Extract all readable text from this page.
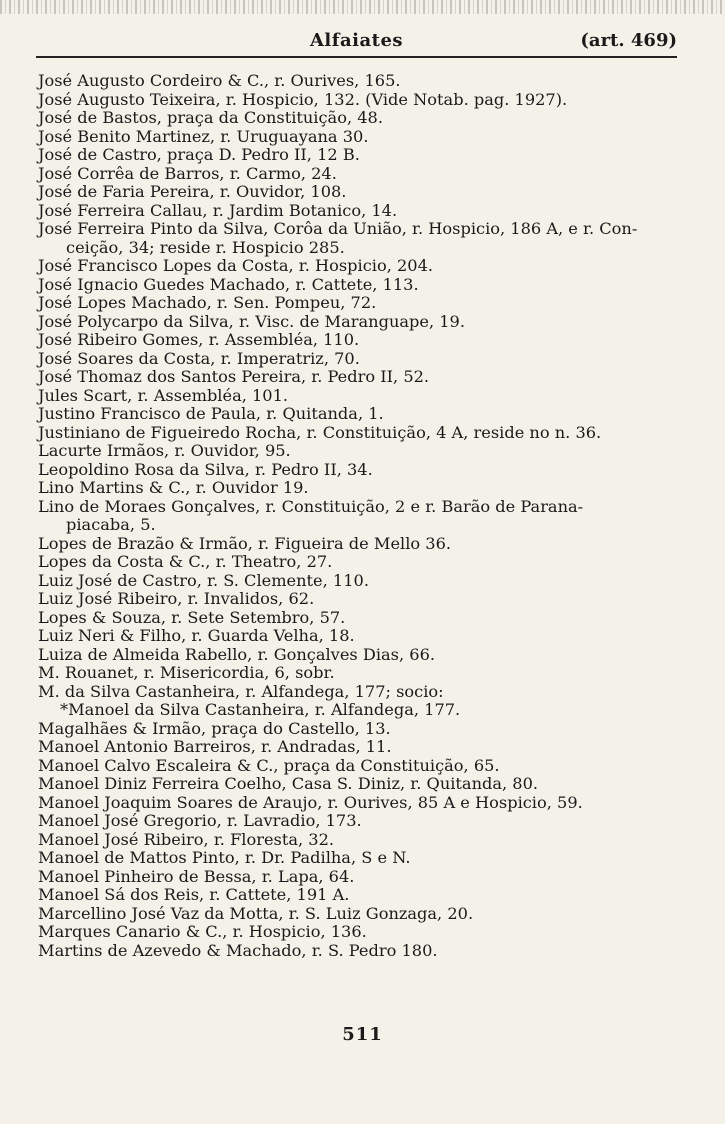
Alfaiates	(art. 469)
José Augusto Cordeiro & C., r. Ourives, 165.
José Augusto Teixeira, r. Hospicio, 132. (Vide Notab. pag. 1927).
José de Bastos, praça da Constituição, 48.
José Benito Martinez, r. Uruguayana 30.
José de Castro, praça D. Pedro II, 12 B.
José Corrêa de Barros, r. Carmo, 24.
José de Faria Pereira, r. Ouvidor, 108.
José Ferreira Callau, r. Jardim Botanico, 14.
José Ferreira Pinto da Silva, Corôa da União, r. Hospicio, 186 A, e r. Con-
ceição, 34; reside r. Hospicio 285.
José Francisco Lopes da Costa, r. Hospicio, 204.
José Ignacio Guedes Machado, r. Cattete, 113.
José Lopes Machado, r. Sen. Pompeu, 72.
José Polycarpo da Silva, r. Visc. de Maranguape, 19.
José Ribeiro Gomes, r. Assembléa, 110.
José Soares da Costa, r. Imperatriz, 70.
José Thomaz dos Santos Pereira, r. Pedro II, 52.
Jules Scart, r. Assembléa, 101.
Justino Francisco de Paula, r. Quitanda, 1.
Justiniano de Figueiredo Rocha, r. Constituição, 4 A, reside no n. 36.
Lacurte Irmãos, r. Ouvidor, 95.
Leopoldino Rosa da Silva, r. Pedro II, 34.
Lino Martins & C., r. Ouvidor 19.
Lino de Moraes Gonçalves, r. Constituição, 2 e r. Barão de Parana-
piacaba, 5.
Lopes de Brazão & Irmão, r. Figueira de Mello 36.
Lopes da Costa & C., r. Theatro, 27.
Luiz José de Castro, r. S. Clemente, 110.
Luiz José Ribeiro, r. Invalidos, 62.
Lopes & Souza, r. Sete Setembro, 57.
Luiz Neri & Filho, r. Guarda Velha, 18.
Luiza de Almeida Rabello, r. Gonçalves Dias, 66.
M. Rouanet, r. Misericordia, 6, sobr.
M. da Silva Castanheira, r. Alfandega, 177; socio:
*Manoel da Silva Castanheira, r. Alfandega, 177.
Magalhães & Irmão, praça do Castello, 13.
Manoel Antonio Barreiros, r. Andradas, 11.
Manoel Calvo Escaleira & C., praça da Constituição, 65.
Manoel Diniz Ferreira Coelho, Casa S. Diniz, r. Quitanda, 80.
Manoel Joaquim Soares de Araujo, r. Ourives, 85 A e Hospicio, 59.
Manoel José Gregorio, r. Lavradio, 173.
Manoel José Ribeiro, r. Floresta, 32.
Manoel de Mattos Pinto, r. Dr. Padilha, S e N.
Manoel Pinheiro de Bessa, r. Lapa, 64.
Manoel Sá dos Reis, r. Cattete, 191 A.
Marcellino José Vaz da Motta, r. S. Luiz Gonzaga, 20.
Marques Canario & C., r. Hospicio, 136.
Martins de Azevedo & Machado, r. S. Pedro 180.
511
